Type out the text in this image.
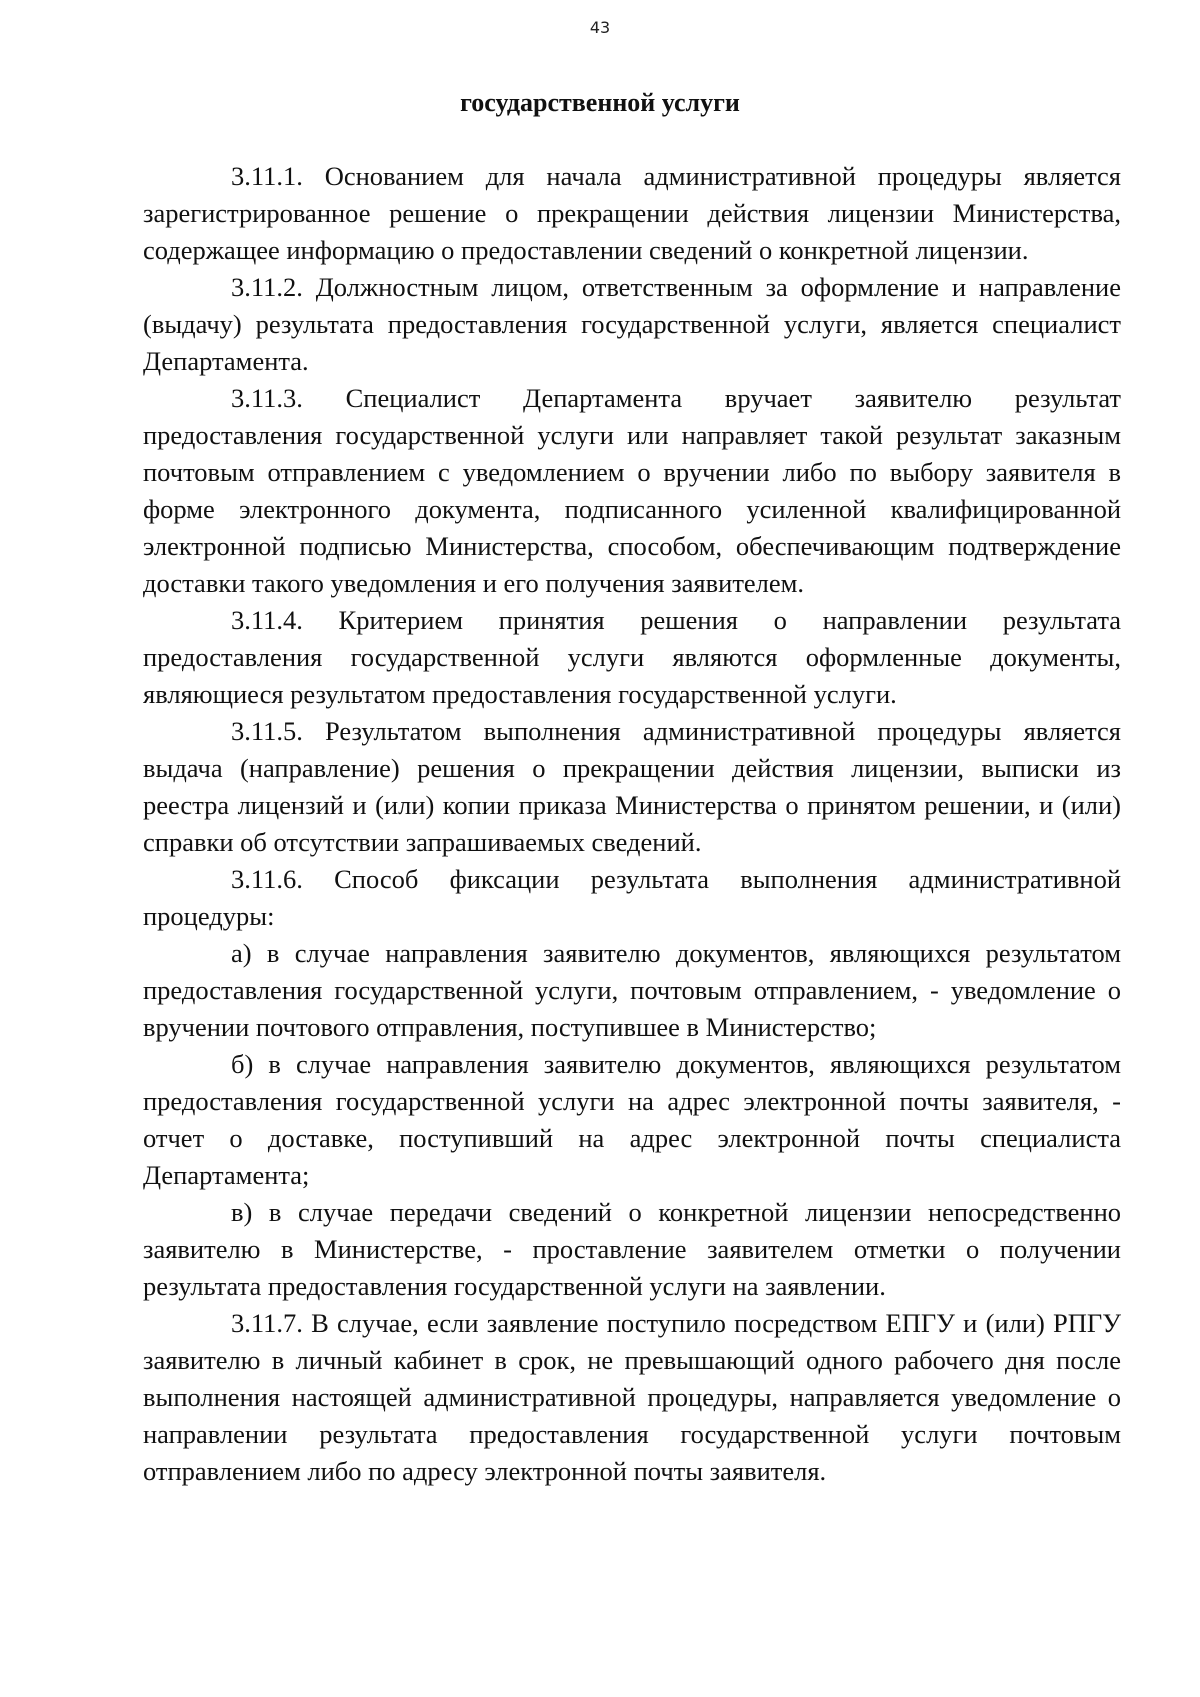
43
государственной услуги

3.11.1. Основанием для начала административной процедуры является зарегистрированное решение о прекращении действия лицензии Министерства, содержащее информацию о предоставлении сведений о конкретной лицензии.

3.11.2. Должностным лицом, ответственным за оформление и направление (выдачу) результата предоставления государственной услуги, является специалист Департамента.

3.11.3. Специалист Департамента вручает заявителю результат предоставления государственной услуги или направляет такой результат заказным почтовым отправлением с уведомлением о вручении либо по выбору заявителя в форме электронного документа, подписанного усиленной квалифицированной электронной подписью Министерства, способом, обеспечивающим подтверждение доставки такого уведомления и его получения заявителем.

3.11.4. Критерием принятия решения о направлении результата предоставления государственной услуги являются оформленные документы, являющиеся результатом предоставления государственной услуги.

3.11.5. Результатом выполнения административной процедуры является выдача (направление) решения о прекращении действия лицензии, выписки из реестра лицензий и (или) копии приказа Министерства о принятом решении, и (или) справки об отсутствии запрашиваемых сведений.

3.11.6. Способ фиксации результата выполнения административной процедуры:

а) в случае направления заявителю документов, являющихся результатом предоставления государственной услуги, почтовым отправлением, - уведомление о вручении почтового отправления, поступившее в Министерство;

б) в случае направления заявителю документов, являющихся результатом предоставления государственной услуги на адрес электронной почты заявителя, - отчет о доставке, поступивший на адрес электронной почты специалиста Департамента;

в) в случае передачи сведений о конкретной лицензии непосредственно заявителю в Министерстве, - проставление заявителем отметки о получении результата предоставления государственной услуги на заявлении.

3.11.7. В случае, если заявление поступило посредством ЕПГУ и (или) РПГУ заявителю в личный кабинет в срок, не превышающий одного рабочего дня после выполнения настоящей административной процедуры, направляется уведомление о направлении результата предоставления государственной услуги почтовым отправлением либо по адресу электронной почты заявителя.
